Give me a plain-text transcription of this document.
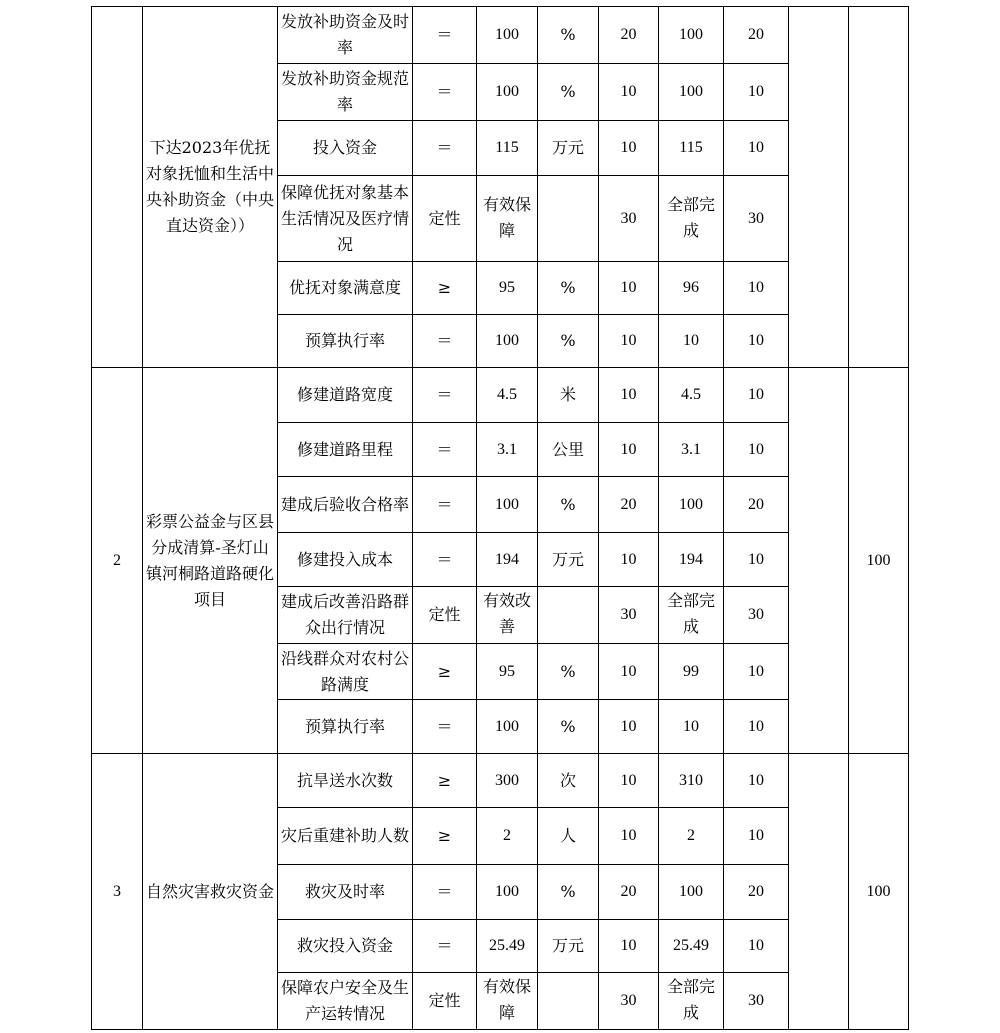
	下达2023年优抚对象抚恤和生活中央补助资金（中央直达资金））	发放补助资金及时率	＝	100	%	20	100	20		
		发放补助资金规范率	＝	100	%	10	100	10		
		投入资金	＝	115	万元	10	115	10		
		保障优抚对象基本生活情况及医疗情况	定性	有效保障		30	全部完成	30		
		优抚对象满意度	≥	95	%	10	96	10		
		预算执行率	＝	100	%	10	10	10		
2	彩票公益金与区县分成清算-圣灯山镇河桐路道路硬化项目	修建道路宽度	＝	4.5	米	10	4.5	10		100
		修建道路里程	＝	3.1	公里	10	3.1	10		
		建成后验收合格率	＝	100	%	20	100	20		
		修建投入成本	＝	194	万元	10	194	10		
		建成后改善沿路群众出行情况	定性	有效改善		30	全部完成	30		
		沿线群众对农村公路满度	≥	95	%	10	99	10		
		预算执行率	＝	100	%	10	10	10		
3	自然灾害救灾资金	抗旱送水次数	≥	300	次	10	310	10		100
		灾后重建补助人数	≥	2	人	10	2	10		
		救灾及时率	＝	100	%	20	100	20		
		救灾投入资金	＝	25.49	万元	10	25.49	10		
		保障农户安全及生产运转情况	定性	有效保障		30	全部完成	30		
